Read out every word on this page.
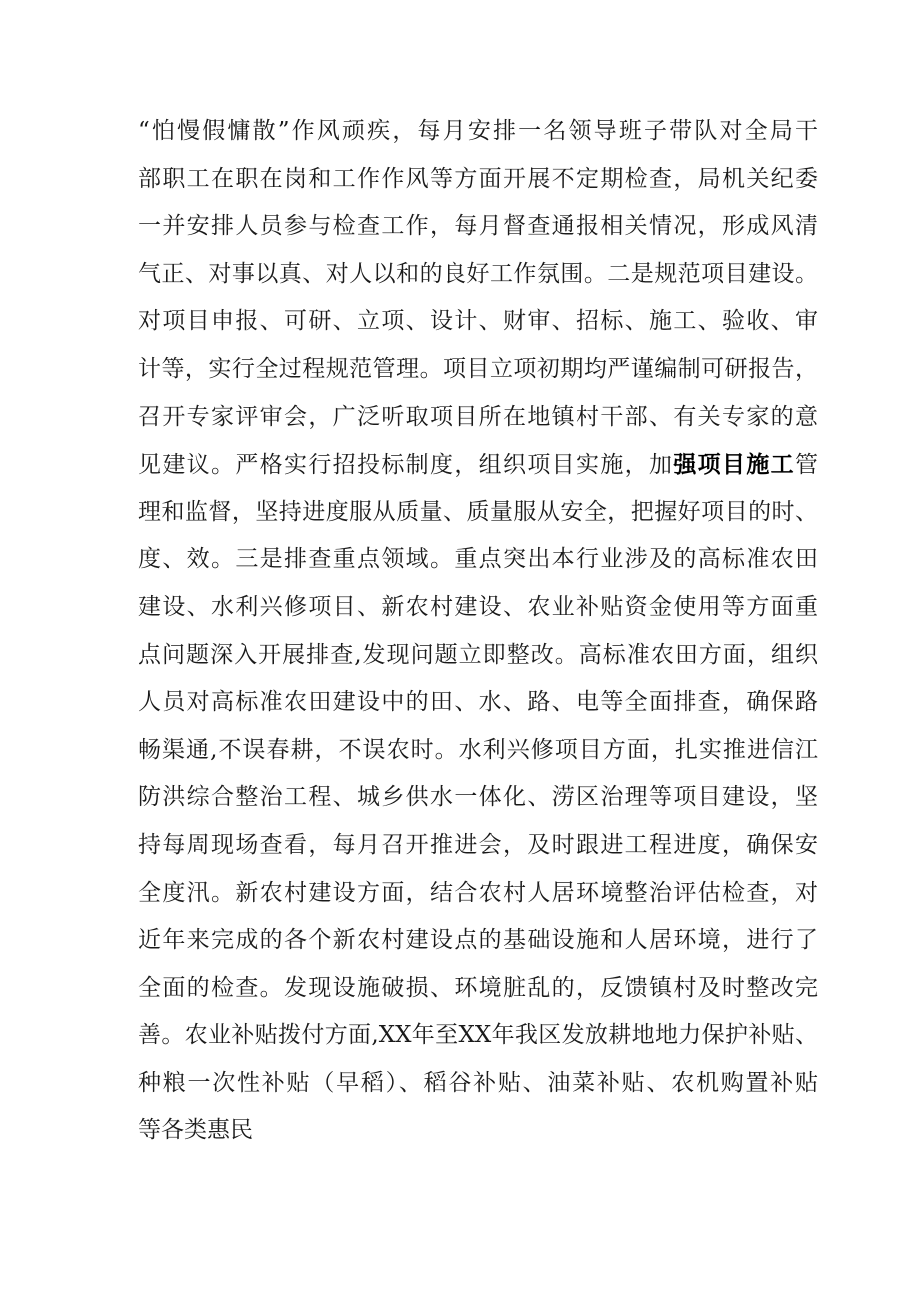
“怕慢假慵散”作风顽疾，每月安排一名领导班子带队对全局干
部职工在职在岗和工作作风等方面开展不定期检查，局机关纪委
一并安排人员参与检查工作，每月督查通报相关情况，形成风清
气正、对事以真、对人以和的良好工作氛围。二是规范项目建设。
对项目申报、可研、立项、设计、财审、招标、施工、验收、审
计等，实行全过程规范管理。项目立项初期均严谨编制可研报告，
召开专家评审会，广泛听取项目所在地镇村干部、有关专家的意
见建议。严格实行招投标制度，组织项目实施，加强项目施工管
理和监督，坚持进度服从质量、质量服从安全，把握好项目的时、
度、效。三是排查重点领域。重点突出本行业涉及的高标准农田
建设、水利兴修项目、新农村建设、农业补贴资金使用等方面重
点问题深入开展排查,发现问题立即整改。高标准农田方面，组织
人员对高标准农田建设中的田、水、路、电等全面排查，确保路
畅渠通,不误春耕，不误农时。水利兴修项目方面，扎实推进信江
防洪综合整治工程、城乡供水一体化、涝区治理等项目建设，坚
持每周现场查看，每月召开推进会，及时跟进工程进度，确保安
全度汛。新农村建设方面，结合农村人居环境整治评估检查，对
近年来完成的各个新农村建设点的基础设施和人居环境，进行了
全面的检查。发现设施破损、环境脏乱的，反馈镇村及时整改完
善。农业补贴拨付方面,XX年至XX年我区发放耕地地力保护补贴、
种粮一次性补贴（早稻）、稻谷补贴、油菜补贴、农机购置补贴
等各类惠民
